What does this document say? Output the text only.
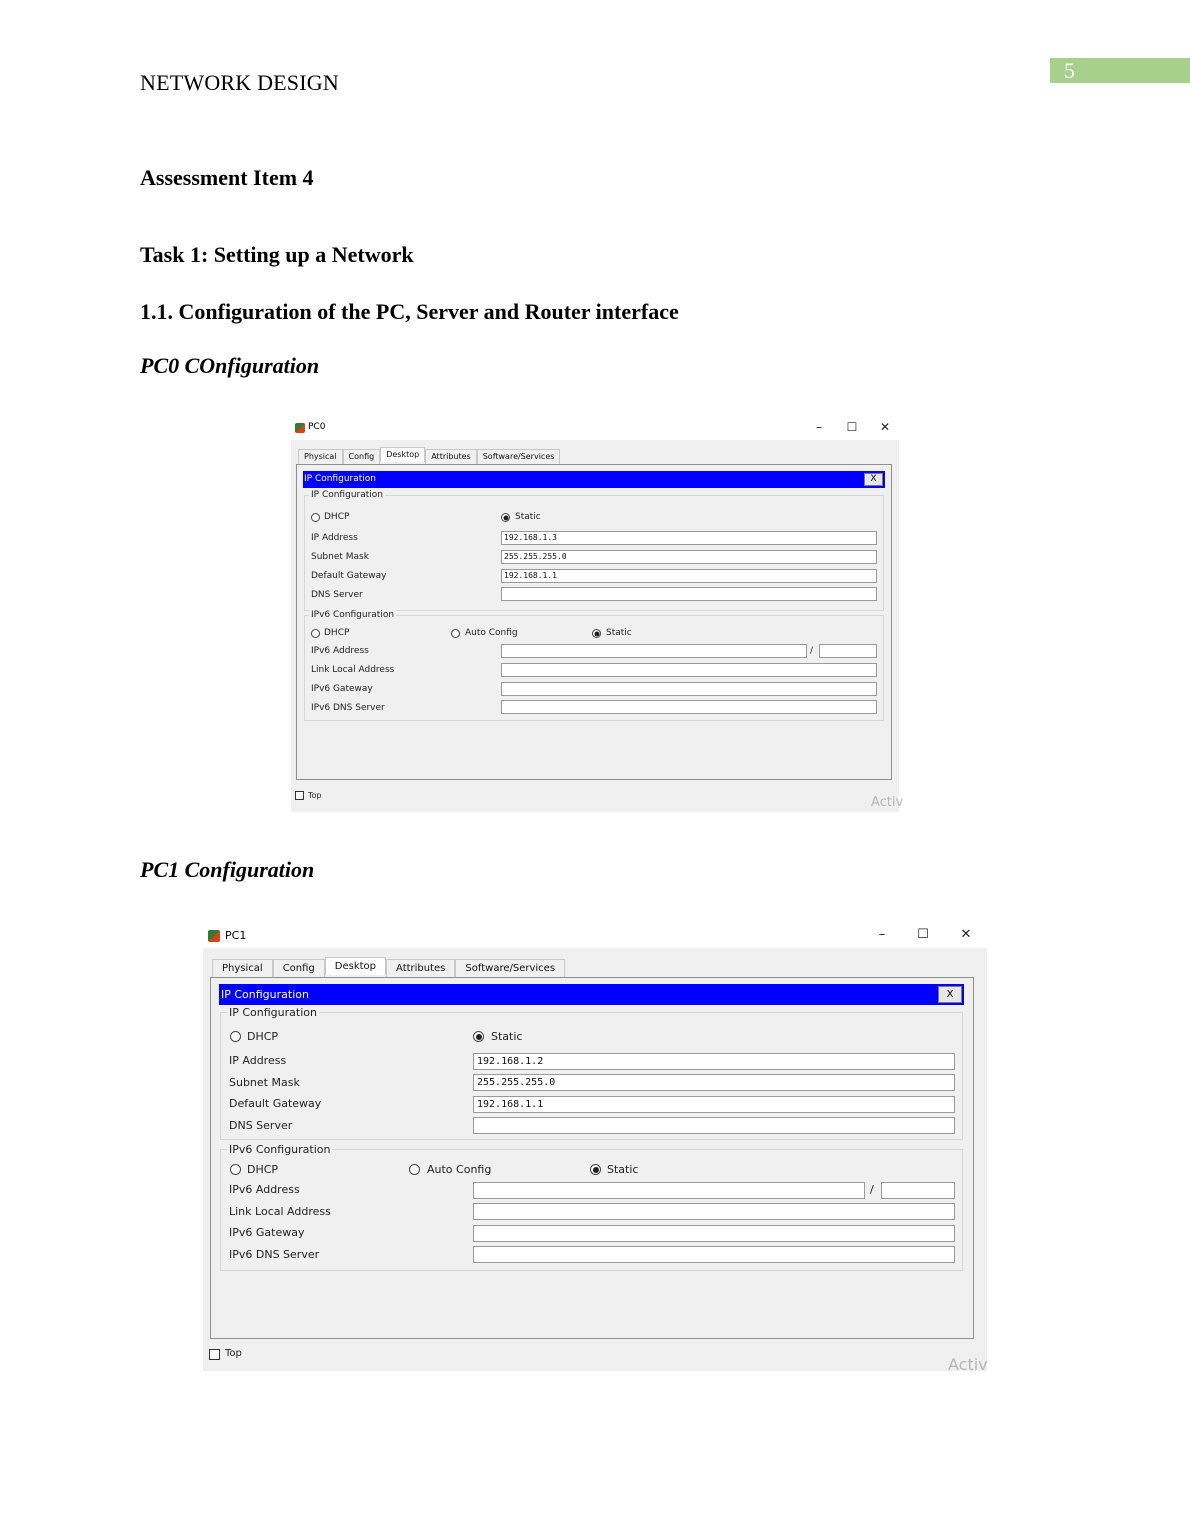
5
NETWORK DESIGN
Assessment Item 4
Task 1: Setting up a Network
1.1. Configuration of the PC, Server and Router interface
PC0 COnfiguration
PC1 Configuration
PC0	–	☐	✕
Physical	Config	Desktop	Attributes	Software/Services
IP Configuration	X
IP Configuration
DHCP	Static
IP Address	192.168.1.3
Subnet Mask	255.255.255.0
Default Gateway	192.168.1.1
DNS Server
IPv6 Configuration
DHCP	Auto Config	Static
IPv6 Address	/
Link Local Address
IPv6 Gateway
IPv6 DNS Server
Top	Activ
PC1	–	☐	✕
Physical	Config	Desktop	Attributes	Software/Services
IP Configuration	X
IP Configuration
DHCP	Static
IP Address	192.168.1.2
Subnet Mask	255.255.255.0
Default Gateway	192.168.1.1
DNS Server
IPv6 Configuration
DHCP	Auto Config	Static
IPv6 Address	/
Link Local Address
IPv6 Gateway
IPv6 DNS Server
Top
Activ
